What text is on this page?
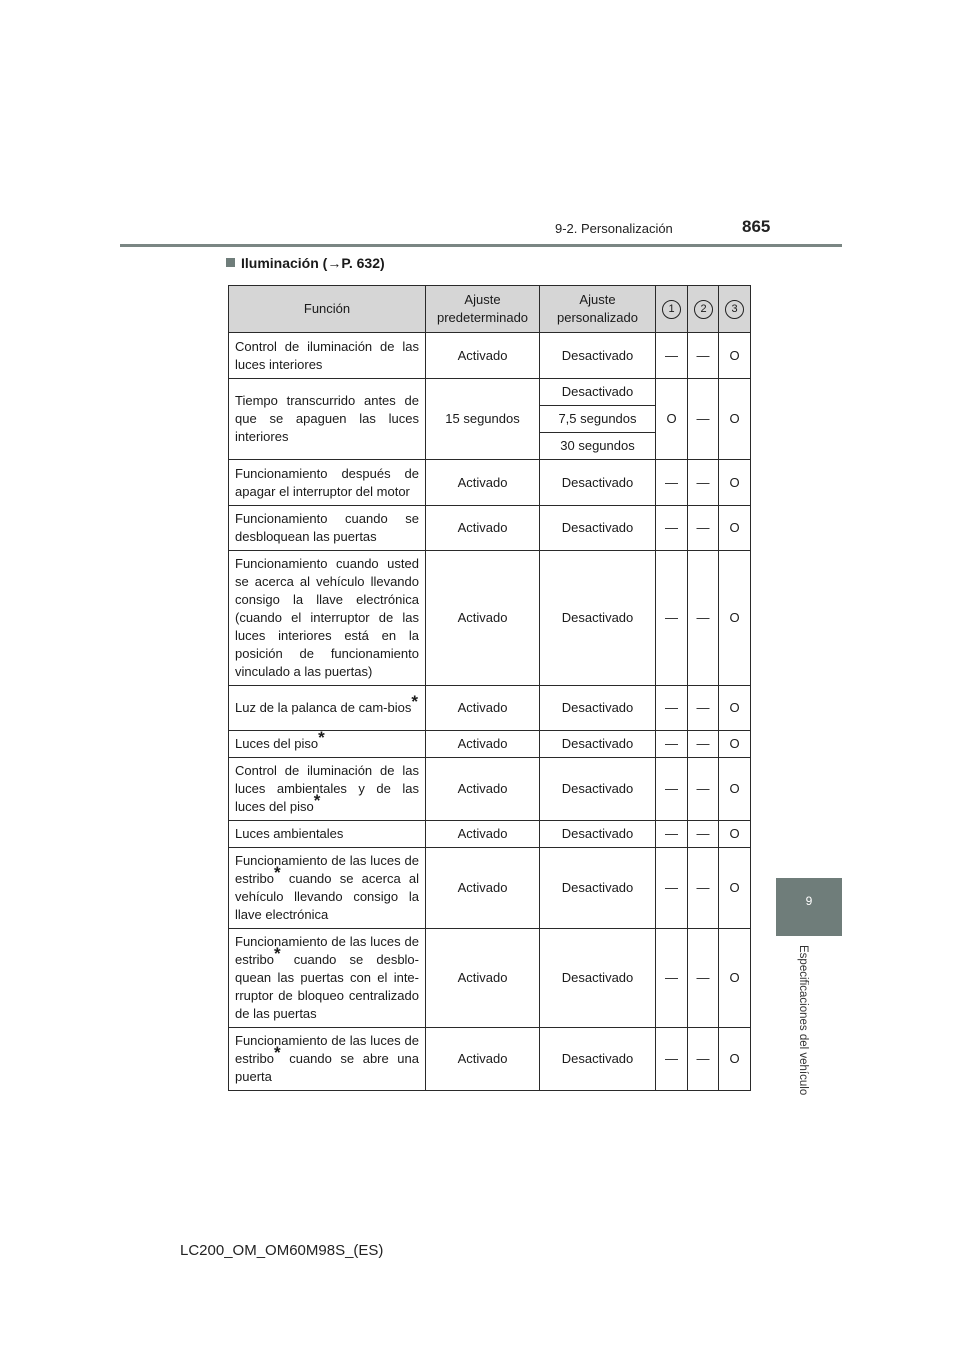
9-2. Personalización	865
9
Especificaciones del vehículo
Iluminación (→P. 632)
Función	Ajuste predeterminado	Ajuste personalizado	1	2	3
Control de iluminación de las luces interiores	Activado	Desactivado	—	—	O
Tiempo transcurrido antes de que se apaguen las luces interiores	15 segundos	Desactivado	O	—	O
		7,5 segundos			
		30 segundos			
Funcionamiento después de apagar el interruptor del motor	Activado	Desactivado	—	—	O
Funcionamiento cuando se desbloquean las puertas	Activado	Desactivado	—	—	O
Funcionamiento cuando usted se acerca al vehículo llevando consigo la llave electrónica (cuando el interruptor de las luces interiores está en la posición de funcionamiento vinculado a las puertas)	Activado	Desactivado	—	—	O
Luz de la palanca de cam-bios*	Activado	Desactivado	—	—	O
Luces del piso*	Activado	Desactivado	—	—	O
Control de iluminación de las luces ambientales y de las luces del piso*	Activado	Desactivado	—	—	O
Luces ambientales	Activado	Desactivado	—	—	O
Funcionamiento de las luces de estribo* cuando se acerca al vehículo llevando consigo la llave electrónica	Activado	Desactivado	—	—	O
Funcionamiento de las luces de estribo* cuando se desblo-quean las puertas con el inte-rruptor de bloqueo centralizado de las puertas	Activado	Desactivado	—	—	O
Funcionamiento de las luces de estribo* cuando se abre una puerta	Activado	Desactivado	—	—	O
LC200_OM_OM60M98S_(ES)
